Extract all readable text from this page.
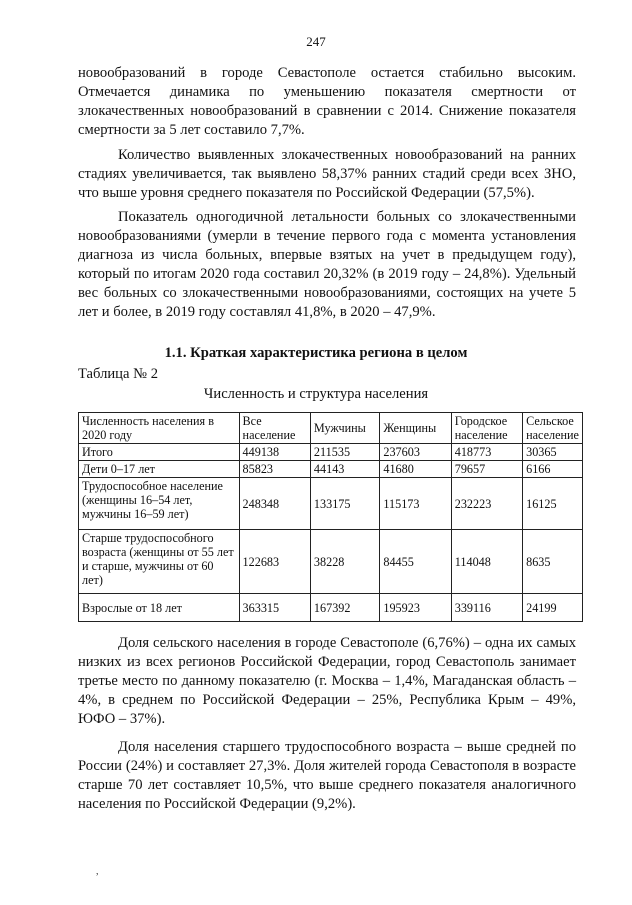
247

новообразований в городе Севастополе остается стабильно высоким. Отмечается динамика по уменьшению показателя смертности от злокачественных новообразований в сравнении с 2014. Снижение показателя смертности за 5 лет составило 7,7%.

Количество выявленных злокачественных новообразований на ранних стадиях увеличивается, так выявлено 58,37% ранних стадий среди всех ЗНО, что выше уровня среднего показателя по Российской Федерации (57,5%).

Показатель одногодичной летальности больных со злокачественными новообразованиями (умерли в течение первого года с момента установления диагноза из числа больных, впервые взятых на учет в предыдущем году), который по итогам 2020 года составил 20,32% (в 2019 году – 24,8%). Удельный вес больных со злокачественными новообразованиями, состоящих на учете 5 лет и более, в 2019 году составлял 41,8%, в 2020 – 47,9%.

1.1. Краткая характеристика региона в целом
Таблица № 2
Численность и структура населения
Численность населения в 2020 году	Все население	Мужчины	Женщины	Городское население	Сельское население
Итого	449138	211535	237603	418773	30365
Дети 0–17 лет	85823	44143	41680	79657	6166
Трудоспособное население (женщины 16–54 лет, мужчины 16–59 лет)	248348	133175	115173	232223	16125
Старше трудоспособного возраста (женщины от 55 лет и старше, мужчины от 60 лет)	122683	38228	84455	114048	8635
Взрослые от 18 лет	363315	167392	195923	339116	24199

Доля сельского населения в городе Севастополе (6,76%) – одна их самых низких из всех регионов Российской Федерации, город Севастополь занимает третье место по данному показателю (г. Москва – 1,4%, Магаданская область – 4%, в среднем по Российской Федерации – 25%, Республика Крым – 49%, ЮФО – 37%).

Доля населения старшего трудоспособного возраста – выше средней по России (24%) и составляет 27,3%. Доля жителей города Севастополя в возрасте старше 70 лет составляет 10,5%, что выше среднего показателя аналогичного населения по Российской Федерации (9,2%).

,
